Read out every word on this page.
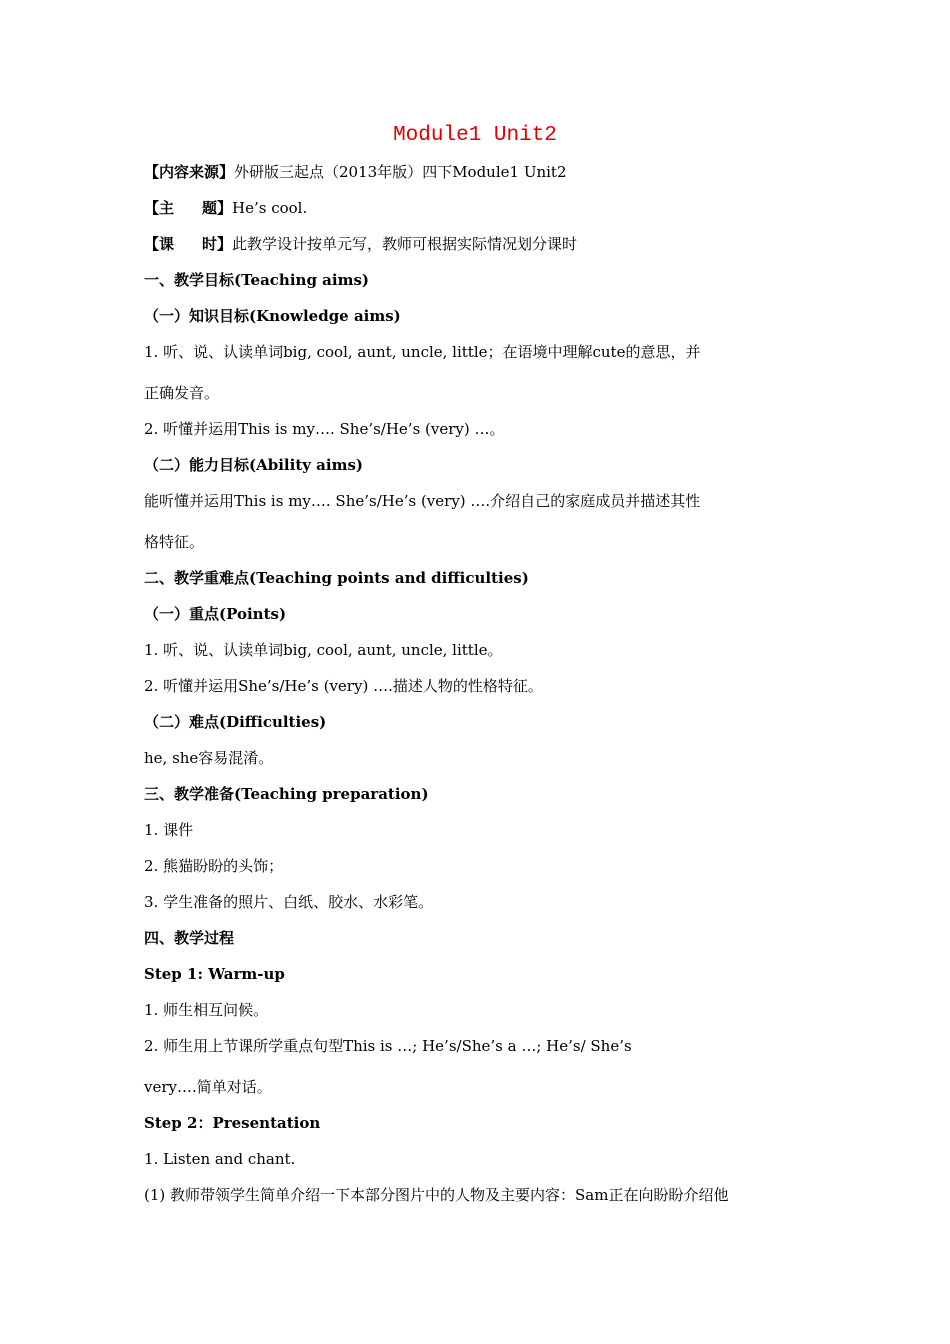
Module1 Unit2
【内容来源】外研版三起点（2013年版）四下Module1 Unit2
【主 题】He’s cool.
【课 时】此教学设计按单元写，教师可根据实际情况划分课时
一、教学目标(Teaching aims)
（一）知识目标(Knowledge aims)
1. 听、说、认读单词big, cool, aunt, uncle, little；在语境中理解cute的意思，并
正确发音。
2. 听懂并运用This is my…. She’s/He’s (very) …。
（二）能力目标(Ability aims)
能听懂并运用This is my…. She’s/He’s (very) ….介绍自己的家庭成员并描述其性
格特征。
二、教学重难点(Teaching points and difficulties)
（一）重点(Points)
1. 听、说、认读单词big, cool, aunt, uncle, little。
2. 听懂并运用She’s/He’s (very) ….描述人物的性格特征。
（二）难点(Difficulties)
he, she容易混淆。
三、教学准备(Teaching preparation)
1. 课件
2. 熊猫盼盼的头饰；
3. 学生准备的照片、白纸、胶水、水彩笔。
四、教学过程
Step 1: Warm-up
1. 师生相互问候。
2. 师生用上节课所学重点句型This is …; He’s/She’s a …; He’s/ She’s
very….简单对话。
Step 2：Presentation
1. Listen and chant.
(1) 教师带领学生简单介绍一下本部分图片中的人物及主要内容：Sam正在向盼盼介绍他
